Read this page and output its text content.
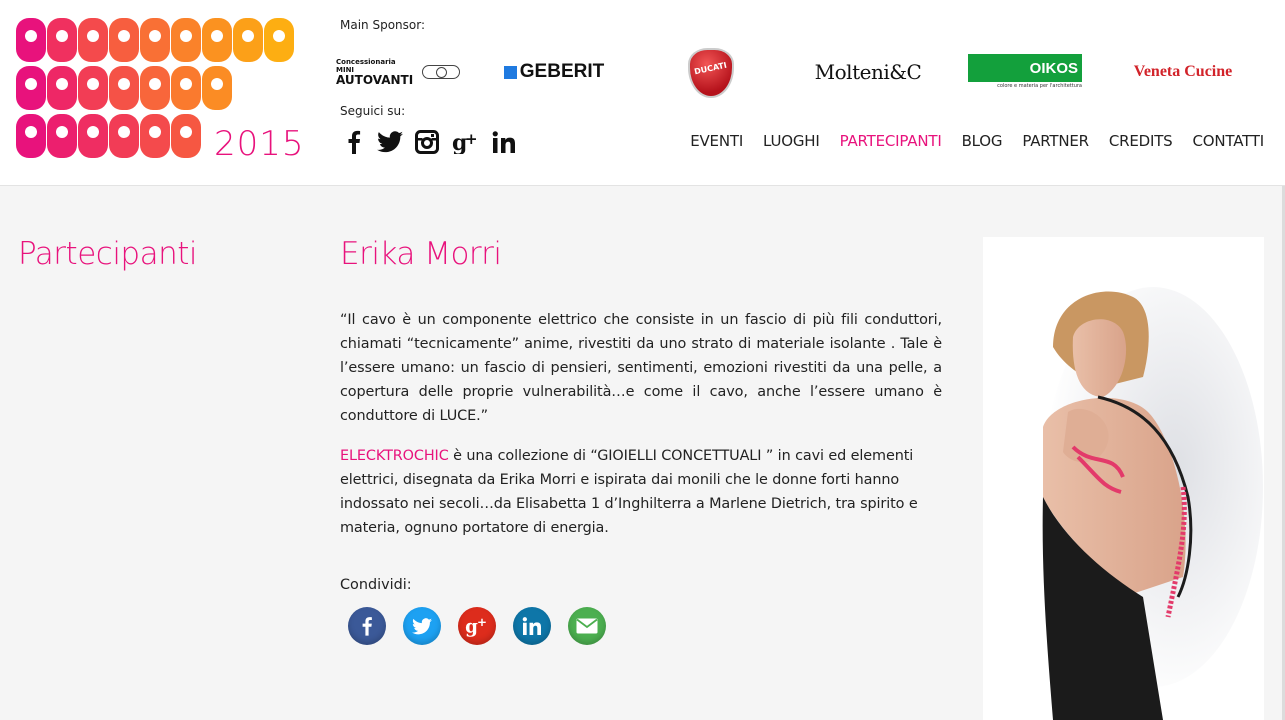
2015
Main Sponsor:
Concessionaria MINI
AUTOVANTI	GEBERIT	DUCATI	Molteni&C	OIKOS
colore e materia per l'architettura
Veneta Cucine
Seguici su:
g
+	EVENTI	LUOGHI	PARTECIPANTI	BLOG	PARTNER	CREDITS	CONTATTI
Partecipanti	Erika Morri

“Il cavo è un componente elettrico che consiste in un fascio di più fili conduttori, chiamati “tecnicamente” anime, rivestiti da uno strato di materiale isolante . Tale è l’essere umano: un fascio di pensieri, sentimenti, emozioni rivestiti da una pelle, a copertura delle proprie vulnerabilità…e come il cavo, anche l’essere umano è conduttore di LUCE.”

ELECKTROCHIC è una collezione di “GIOIELLI CONCETTUALI ” in cavi ed elementi elettrici, disegnata da Erika Morri e ispirata dai monili che le donne forti hanno indossato nei secoli…da Elisabetta 1 d’Inghilterra a Marlene Dietrich, tra spirito e materia, ognuno portatore di energia.

Condividi:
g +
